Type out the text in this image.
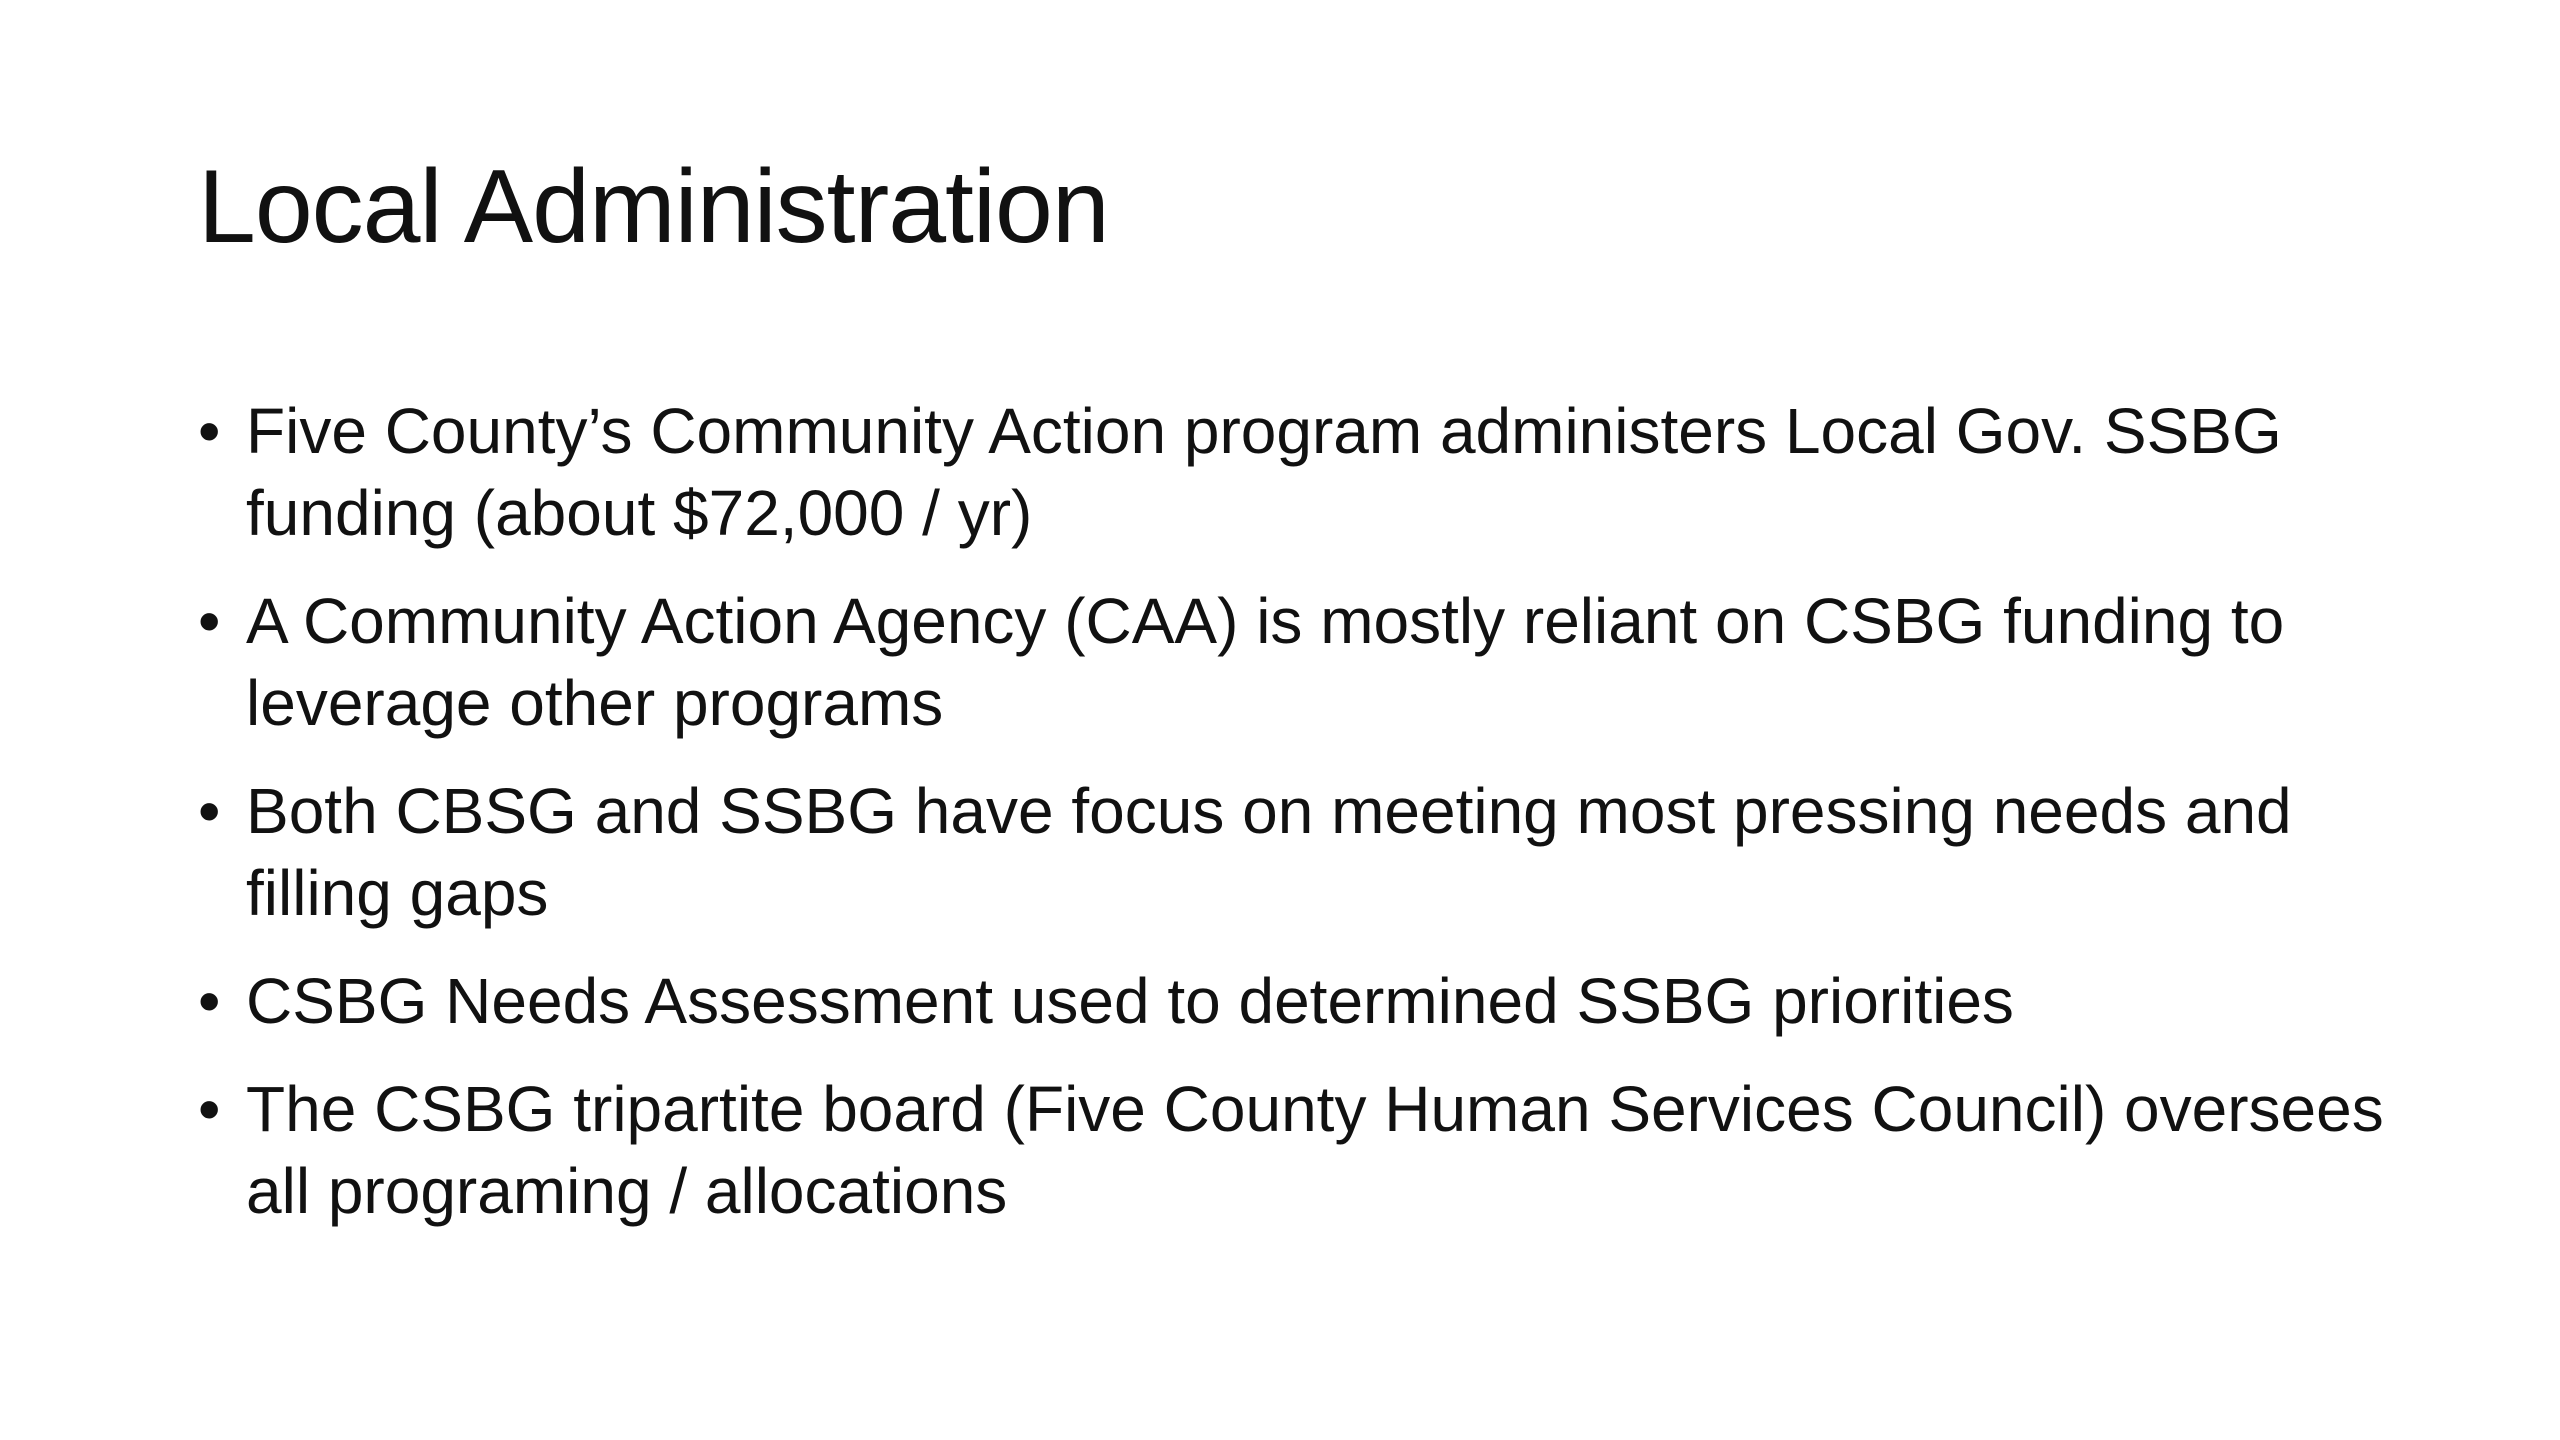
Local Administration
• Five County’s Community Action program administers Local Gov. SSBG funding (about $72,000 / yr)
• A Community Action Agency (CAA) is mostly reliant on CSBG funding to leverage other programs
• Both CBSG and SSBG have focus on meeting most pressing needs and filling gaps
• CSBG Needs Assessment used to determined SSBG priorities
• The CSBG tripartite board (Five County Human Services Council) oversees all programing / allocations
